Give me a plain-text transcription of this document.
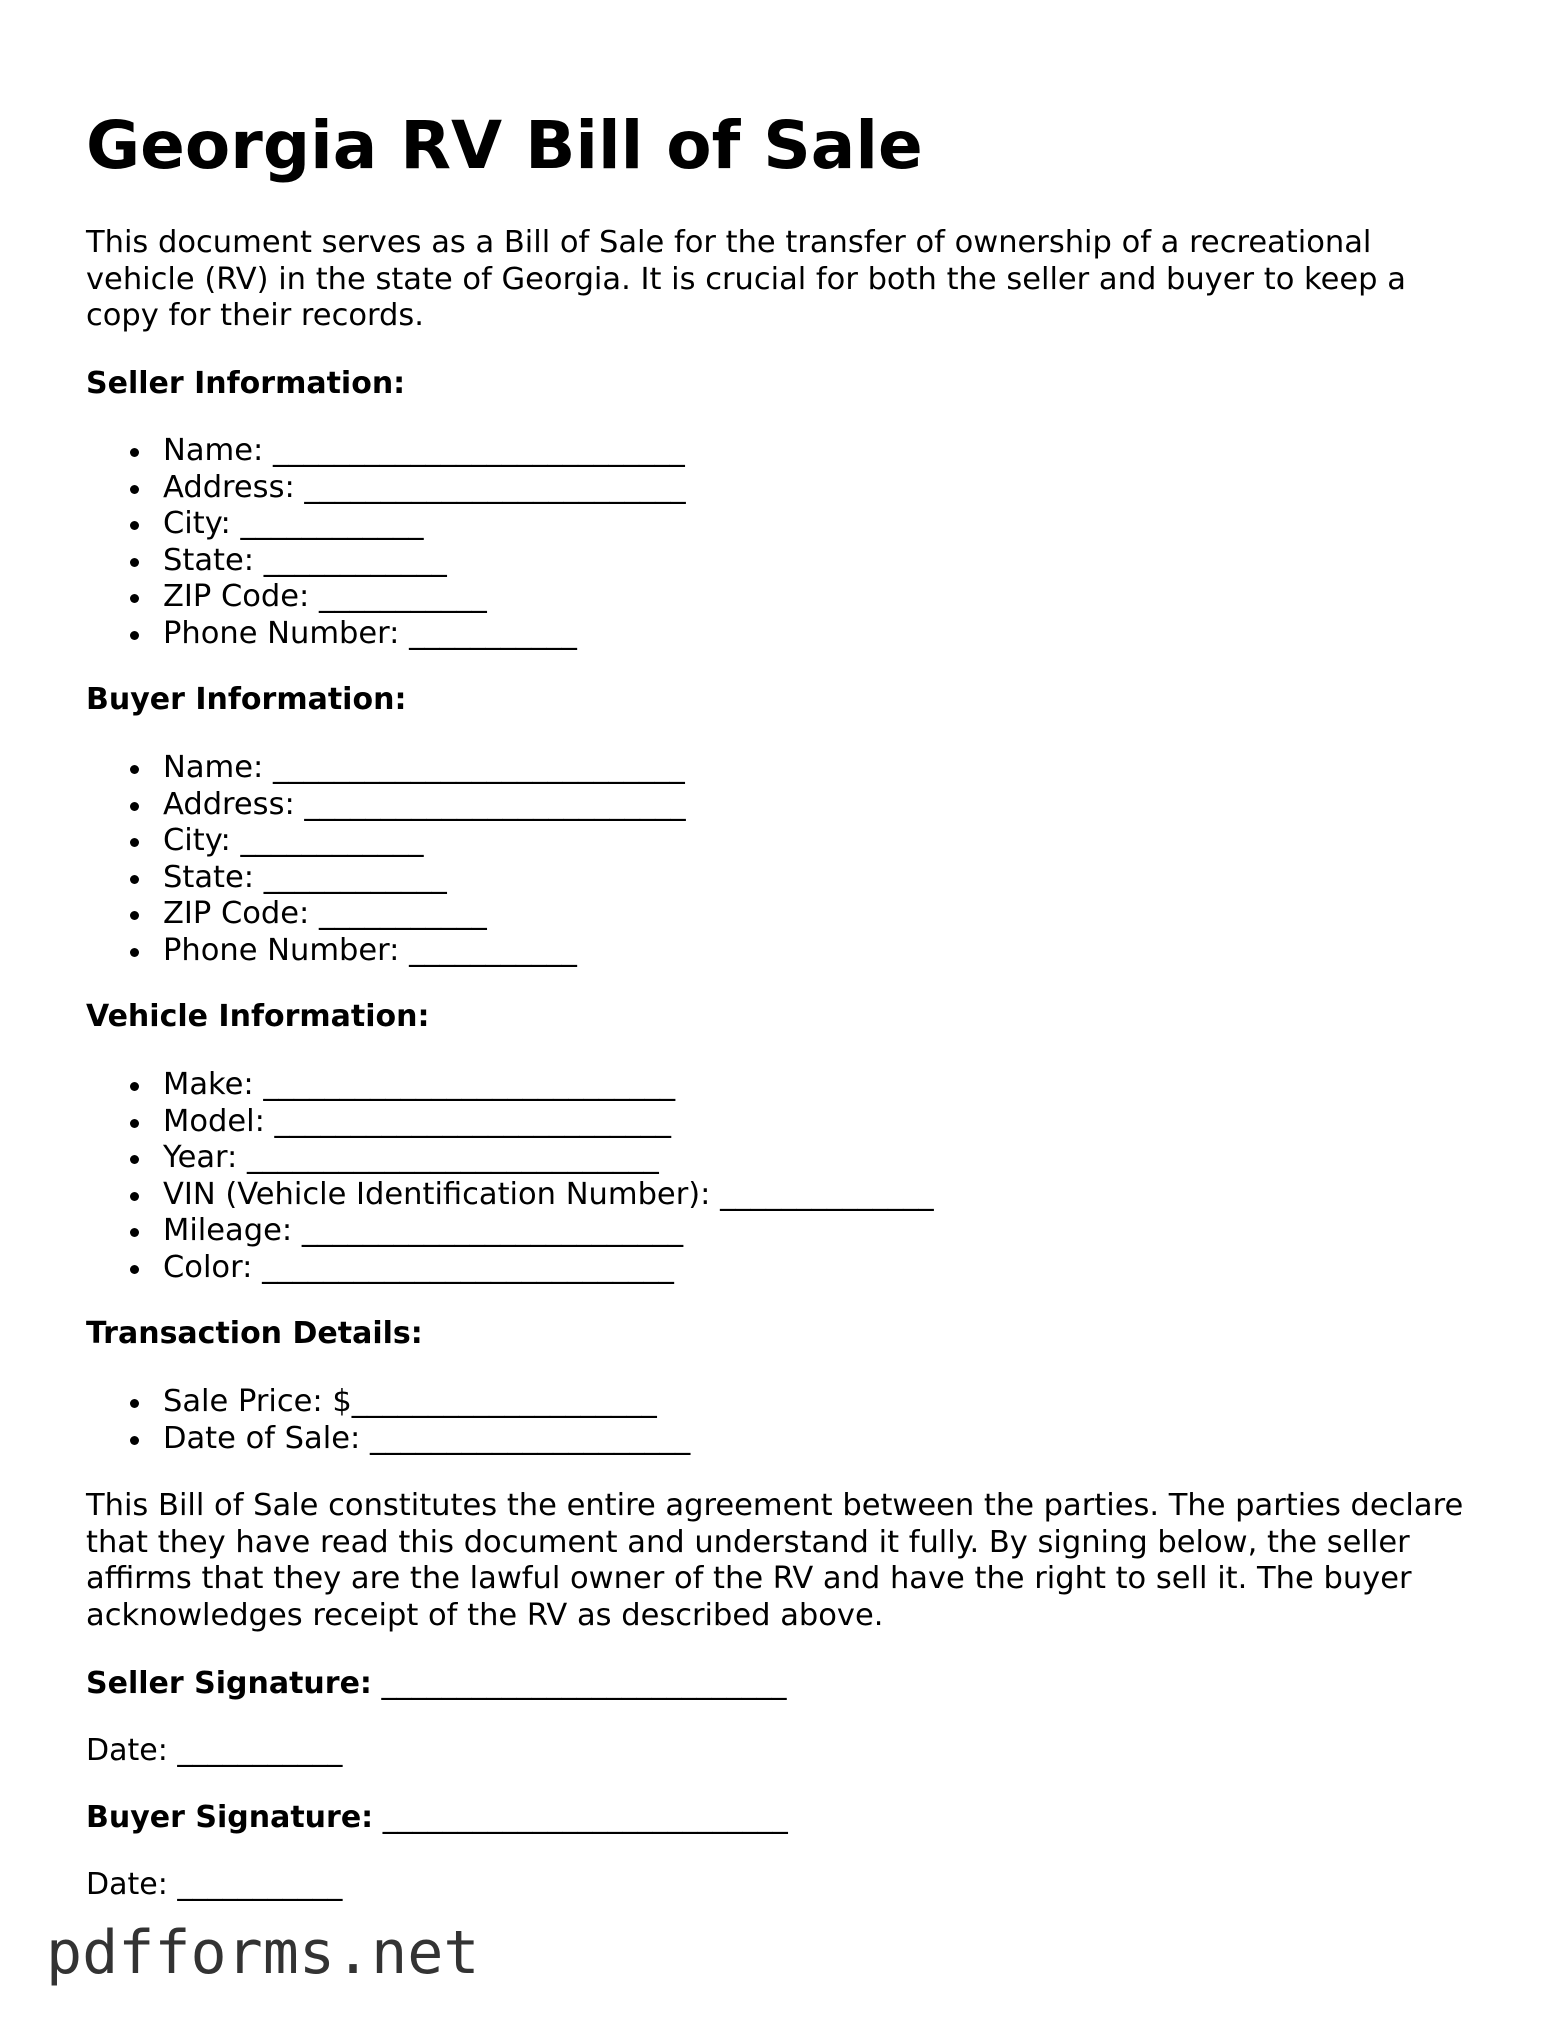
Georgia RV Bill of Sale

This document serves as a Bill of Sale for the transfer of ownership of a recreational vehicle (RV) in the state of Georgia. It is crucial for both the seller and buyer to keep a copy for their records.

Seller Information:

Name: ___________________________
Address: _________________________
City: ____________
State: ____________
ZIP Code: ___________
Phone Number: ___________

Buyer Information:

Name: ___________________________
Address: _________________________
City: ____________
State: ____________
ZIP Code: ___________
Phone Number: ___________

Vehicle Information:

Make: ___________________________
Model: __________________________
Year: ___________________________
VIN (Vehicle Identification Number): ______________
Mileage: _________________________
Color: ___________________________

Transaction Details:

Sale Price: $____________________
Date of Sale: _____________________

This Bill of Sale constitutes the entire agreement between the parties. The parties declare that they have read this document and understand it fully. By signing below, the seller affirms that they are the lawful owner of the RV and have the right to sell it. The buyer acknowledges receipt of the RV as described above.

Seller Signature: ___________________________

Date: ___________

Buyer Signature: ___________________________

Date: ___________

pdfforms.net
